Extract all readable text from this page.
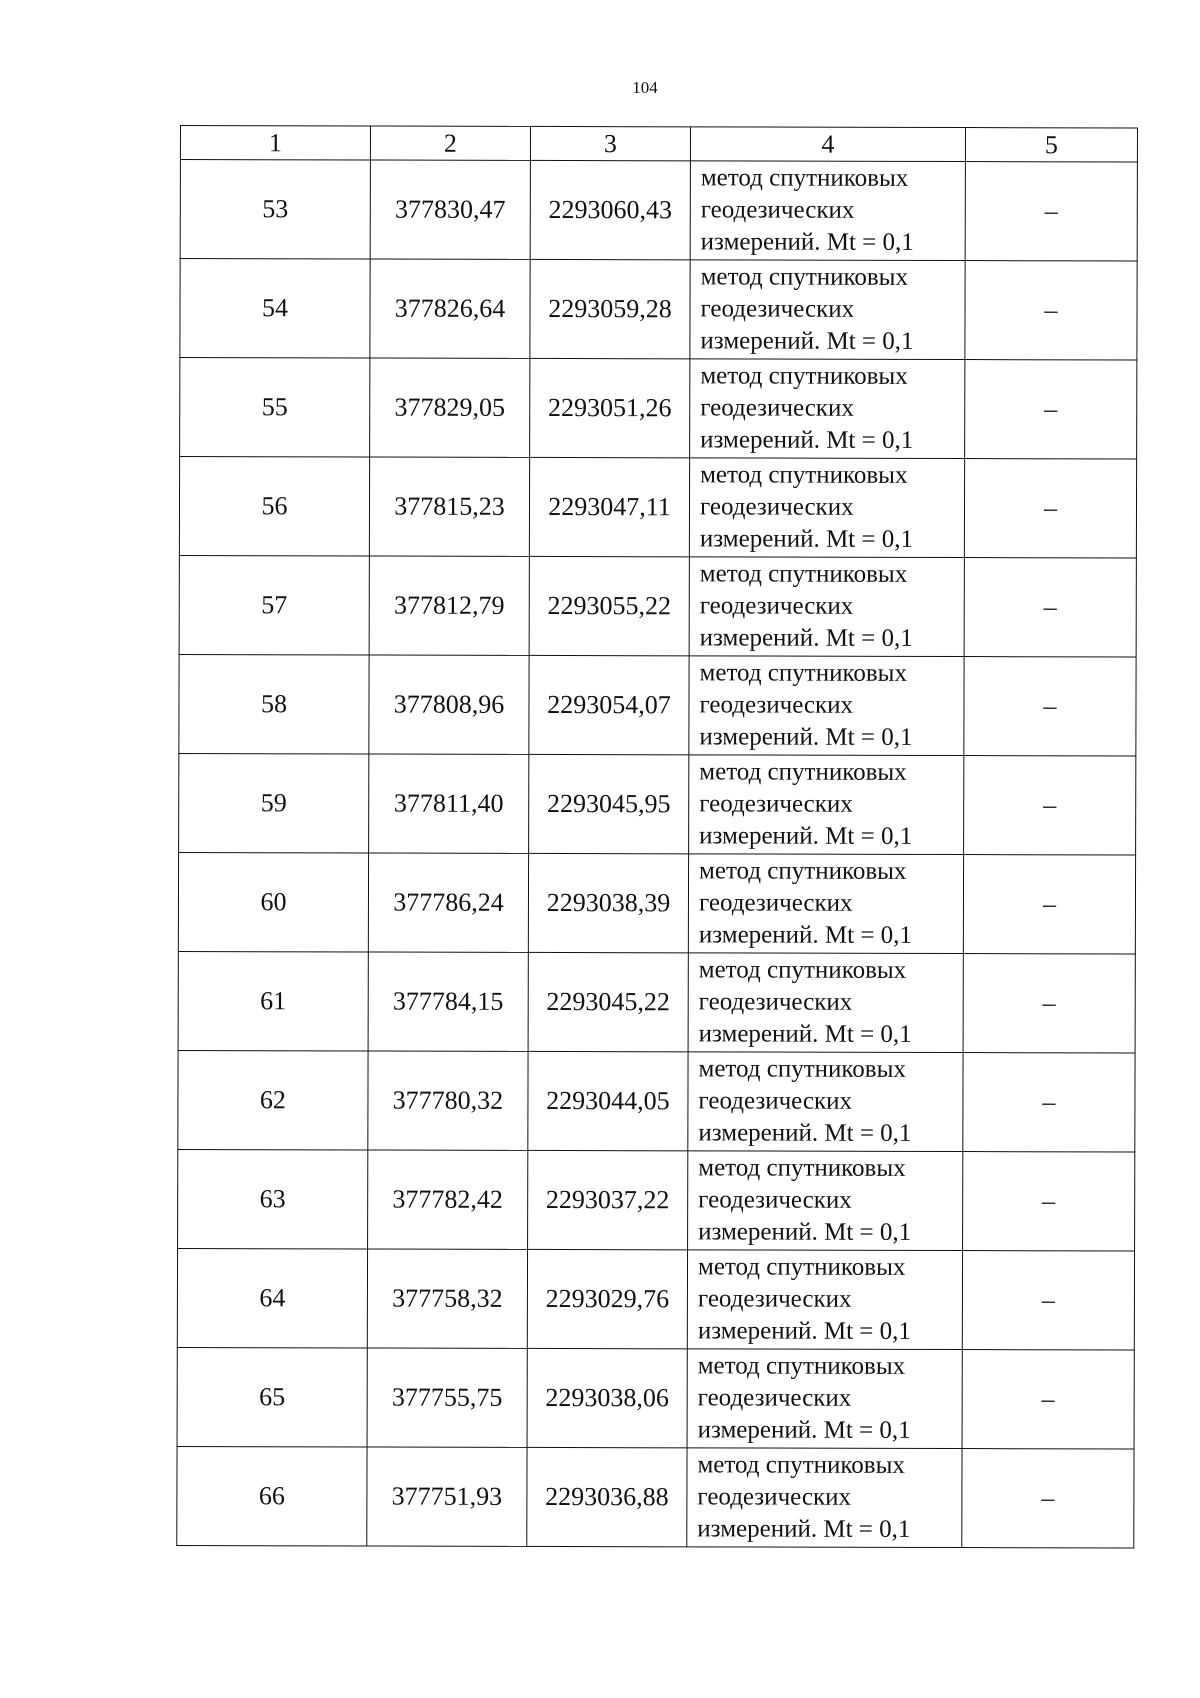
104
1	2	3	4	5
53	377830,47	2293060,43	метод спутниковых
геодезических
измерений. Mt = 0,1	–
54	377826,64	2293059,28	метод спутниковых
геодезических
измерений. Mt = 0,1	–
55	377829,05	2293051,26	метод спутниковых
геодезических
измерений. Mt = 0,1	–
56	377815,23	2293047,11	метод спутниковых
геодезических
измерений. Mt = 0,1	–
57	377812,79	2293055,22	метод спутниковых
геодезических
измерений. Mt = 0,1	–
58	377808,96	2293054,07	метод спутниковых
геодезических
измерений. Mt = 0,1	–
59	377811,40	2293045,95	метод спутниковых
геодезических
измерений. Mt = 0,1	–
60	377786,24	2293038,39	метод спутниковых
геодезических
измерений. Mt = 0,1	–
61	377784,15	2293045,22	метод спутниковых
геодезических
измерений. Mt = 0,1	–
62	377780,32	2293044,05	метод спутниковых
геодезических
измерений. Mt = 0,1	–
63	377782,42	2293037,22	метод спутниковых
геодезических
измерений. Mt = 0,1	–
64	377758,32	2293029,76	метод спутниковых
геодезических
измерений. Mt = 0,1	–
65	377755,75	2293038,06	метод спутниковых
геодезических
измерений. Mt = 0,1	–
66	377751,93	2293036,88	метод спутниковых
геодезических
измерений. Mt = 0,1	–
